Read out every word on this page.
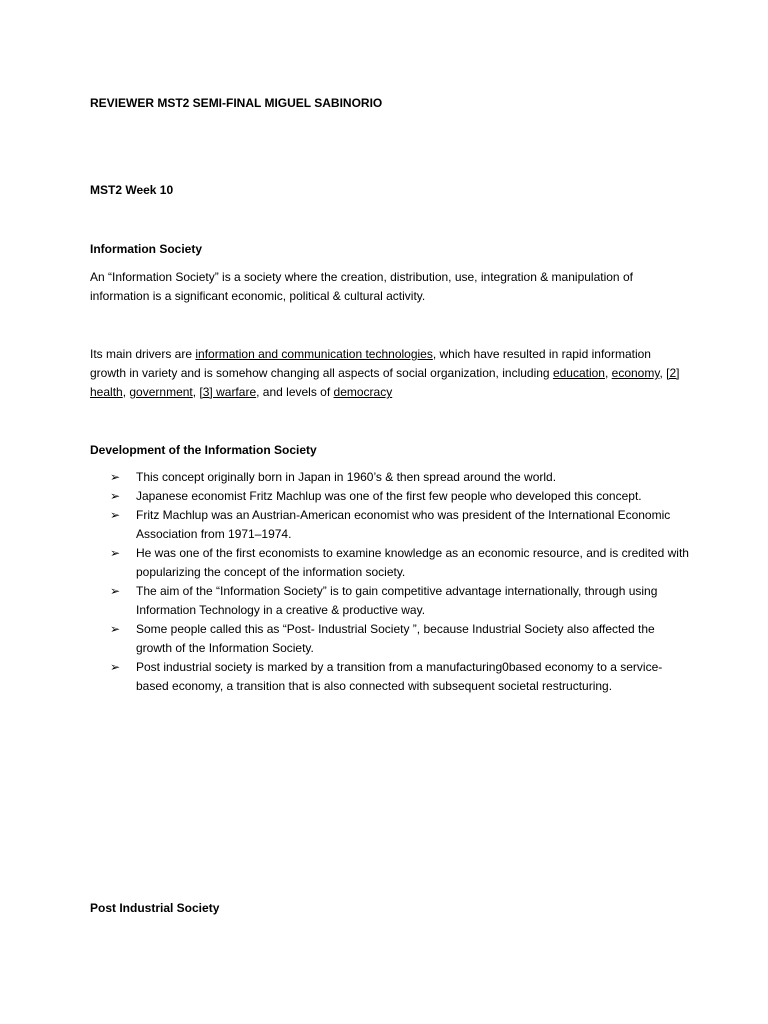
REVIEWER MST2 SEMI-FINAL MIGUEL SABINORIO

MST2 Week 10

Information Society

An “Information Society” is a society where the creation, distribution, use, integration & manipulation of information is a significant economic, political & cultural activity.

Its main drivers are information and communication technologies, which have resulted in rapid information growth in variety and is somehow changing all aspects of social organization, including education, economy, [2] health, government, [3] warfare, and levels of democracy

Development of the Information Society

➢ This concept originally born in Japan in 1960’s & then spread around the world.
➢ Japanese economist Fritz Machlup was one of the first few people who developed this concept.
➢ Fritz Machlup was an Austrian-American economist who was president of the International Economic Association from 1971–1974.
➢ He was one of the first economists to examine knowledge as an economic resource, and is credited with popularizing the concept of the information society.
➢ The aim of the “Information Society” is to gain competitive advantage internationally, through using Information Technology in a creative & productive way.
➢ Some people called this as “Post- Industrial Society ”, because Industrial Society also affected the growth of the Information Society.
➢ Post industrial society is marked by a transition from a manufacturing0based economy to a service-based economy, a transition that is also connected with subsequent societal restructuring.

Post Industrial Society
